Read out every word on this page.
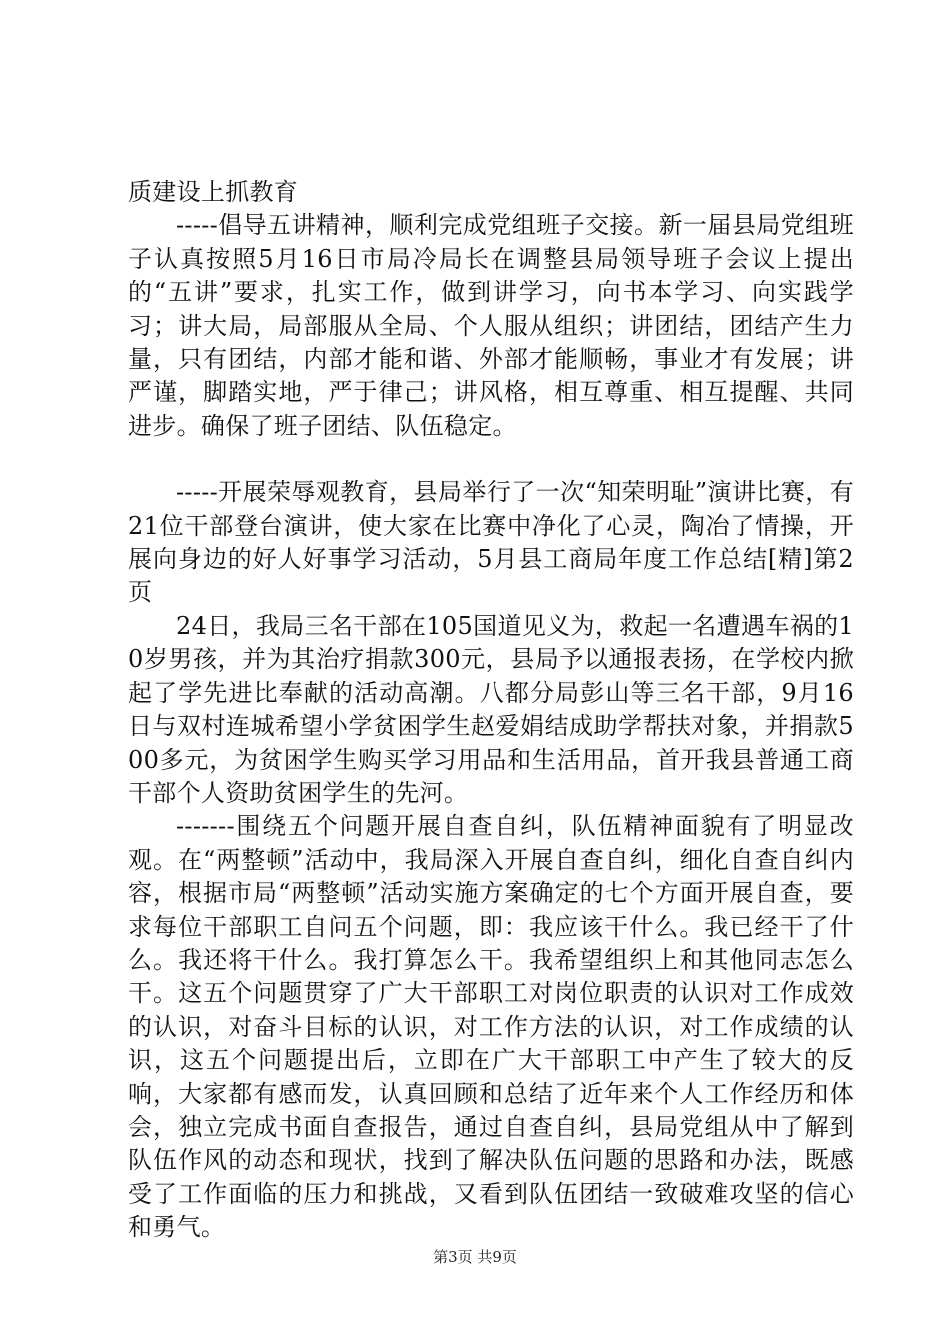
质建设上抓教育

-----倡导五讲精神，顺利完成党组班子交接。新一届县局党组班子认真按照5月16日市局冷局长在调整县局领导班子会议上提出的“五讲”要求，扎实工作，做到讲学习，向书本学习、向实践学习；讲大局，局部服从全局、个人服从组织；讲团结，团结产生力量，只有团结，内部才能和谐、外部才能顺畅，事业才有发展；讲严谨，脚踏实地，严于律己；讲风格，相互尊重、相互提醒、共同进步。确保了班子团结、队伍稳定。

-----开展荣辱观教育，县局举行了一次“知荣明耻”演讲比赛，有21位干部登台演讲，使大家在比赛中净化了心灵，陶冶了情操，开展向身边的好人好事学习活动，5月县工商局年度工作总结[精]第2页

24日，我局三名干部在105国道见义为，救起一名遭遇车祸的10岁男孩，并为其治疗捐款300元，县局予以通报表扬，在学校内掀起了学先进比奉献的活动高潮。八都分局彭山等三名干部，9月16日与双村连城希望小学贫困学生赵爱娟结成助学帮扶对象，并捐款500多元，为贫困学生购买学习用品和生活用品，首开我县普通工商干部个人资助贫困学生的先河。

-------围绕五个问题开展自查自纠，队伍精神面貌有了明显改观。在“两整顿”活动中，我局深入开展自查自纠，细化自查自纠内容，根据市局“两整顿”活动实施方案确定的七个方面开展自查，要求每位干部职工自问五个问题，即：我应该干什么。我已经干了什么。我还将干什么。我打算怎么干。我希望组织上和其他同志怎么干。这五个问题贯穿了广大干部职工对岗位职责的认识对工作成效的认识，对奋斗目标的认识，对工作方法的认识，对工作成绩的认识，这五个问题提出后，立即在广大干部职工中产生了较大的反响，大家都有感而发，认真回顾和总结了近年来个人工作经历和体会，独立完成书面自查报告，通过自查自纠，县局党组从中了解到队伍作风的动态和现状，找到了解决队伍问题的思路和办法，既感受了工作面临的压力和挑战，又看到队伍团结一致破难攻坚的信心和勇气。

第3页 共9页
